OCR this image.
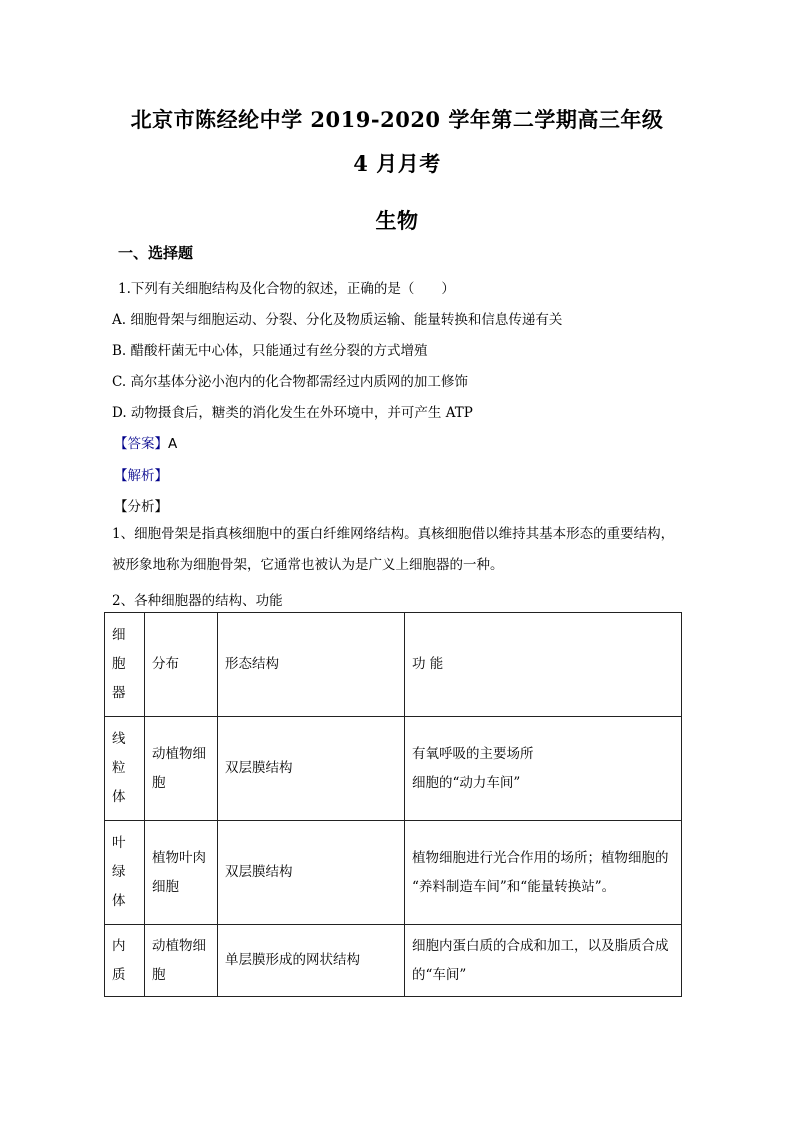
北京市陈经纶中学 2019-2020 学年第二学期高三年级
4 月月考
生物
一、选择题
1.下列有关细胞结构及化合物的叙述，正确的是（　　）
A. 细胞骨架与细胞运动、分裂、分化及物质运输、能量转换和信息传递有关
B. 醋酸杆菌无中心体，只能通过有丝分裂的方式增殖
C. 高尔基体分泌小泡内的化合物都需经过内质网的加工修饰
D. 动物摄食后，糖类的消化发生在外环境中，并可产生 ATP
【答案】A
【解析】
【分析】
1、细胞骨架是指真核细胞中的蛋白纤维网络结构。真核细胞借以维持其基本形态的重要结构，被形象地称为细胞骨架，它通常也被认为是广义上细胞器的一种。
2、各种细胞器的结构、功能
细胞器	分布	形态结构	功 能
线粒体	动植物细胞	双层膜结构	有氧呼吸的主要场所
细胞的“动力车间”

叶绿体	植物叶肉细胞	双层膜结构	植物细胞进行光合作用的场所；植物细胞的
“养料制造车间”和“能量转换站”。

内质	动植物细胞	单层膜形成的网状结构	细胞内蛋白质的合成和加工，以及脂质合成
的“车间”
